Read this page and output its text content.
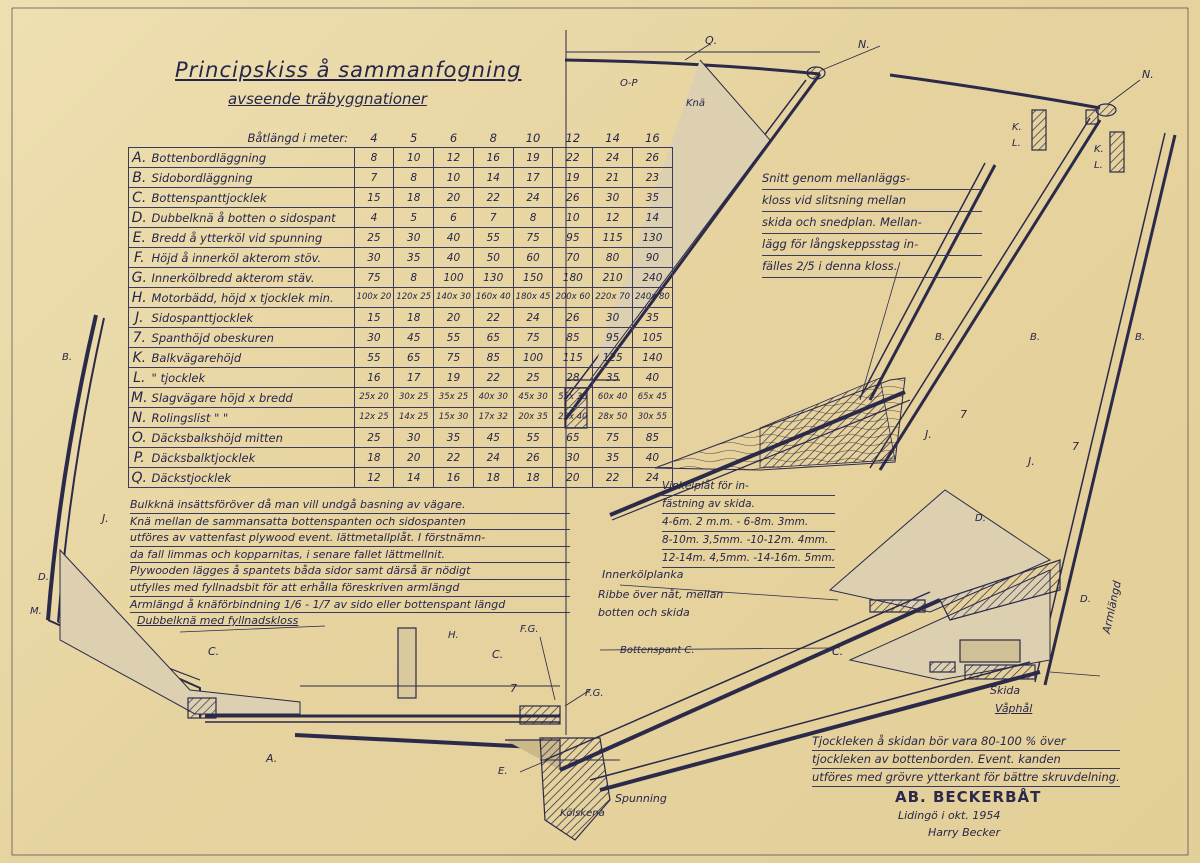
Principskiss å sammanfogning
avseende träbyggnationer
Båtlängd i meter:		4	5	6	8	10	12	14	16
A.	Bottenbordläggning	8	10	12	16	19	22	24	26
B.	Sidobordläggning	7	8	10	14	17	19	21	23
C.	Bottenspanttjocklek	15	18	20	22	24	26	30	35
D.	Dubbelknä å botten o sidospant	4	5	6	7	8	10	12	14
E.	Bredd å ytterköl vid spunning	25	30	40	55	75	95	115	130
F.	Höjd å innerköl akterom stöv.	30	35	40	50	60	70	80	90
G.	Innerkölbredd akterom stäv.	75	8	100	130	150	180	210	240
H.	Motorbädd, höjd x tjocklek min.	100x 20	120x 25	140x 30	160x 40	180x 45	200x 60	220x 70	240x 80
J.	Sidospanttjocklek	15	18	20	22	24	26	30	35
7.	Spanthöjd obeskuren	30	45	55	65	75	85	95	105
K.	Balkvägarehöjd	55	65	75	85	100	115	125	140
L.	" tjocklek	16	17	19	22	25	28	35	40
M.	Slagvägare höjd x bredd	25x 20	30x 25	35x 25	40x 30	45x 30	55x 35	60x 40	65x 45
N.	Rolingslist " "	12x 25	14x 25	15x 30	17x 32	20x 35	23x 40	28x 50	30x 55
O.	Däcksbalkshöjd mitten	25	30	35	45	55	65	75	85
P.	Däcksbalktjocklek	18	20	22	24	26	30	35	40
Q.	Däckstjocklek	12	14	16	18	18	20	22	24
Bulkknä insättsföröver då man vill undgå basning av vägare.
Knä mellan de sammansatta bottenspanten och sidospanten
utföres av vattenfast plywood event. lättmetallplåt. I förstnämn-
da fall limmas och kopparnitas, i senare fallet lättmellnit.
Plywooden lägges å spantets båda sidor samt därså är nödigt
utfylles med fyllnadsbit för att erhålla föreskriven armlängd
Armlängd å knäförbindning 1/6 - 1/7 av sido eller bottenspant längd
Snitt genom mellanläggs-
kloss vid slitsning mellan
skida och snedplan. Mellan-
lägg för långskeppsstag in-
fälles 2/5 i denna kloss.
Vinkelplåt för in-
fästning av skida.
4-6m. 2 m.m. - 6-8m. 3mm.
8-10m. 3,5mm. -10-12m. 4mm.
12-14m. 4,5mm. -14-16m. 5mm.
Tjockleken å skidan bör vara 80-100 % över
tjockleken av bottenborden. Event. kanden
utföres med grövre ytterkant för bättre skruvdelning.
Dubbelknä med fyllnadskloss
Innerkölplanka
Ribbe över nåt, mellan
botten och skida
Bottenspant C.
Spunning
Kölskena
Skida
Våphål
Armlängd
Knä
O-P
Q.	N.
N.
B.
B.	B.	B.
J.
J.
J.
7
7
7
D.
D.
D.
M.
C.	C.	C.
A.
H.
E.
F.G.
F.G.
K.
L.
K.
L.
AB. BECKERBÅT
Lidingö i okt. 1954
Harry Becker
